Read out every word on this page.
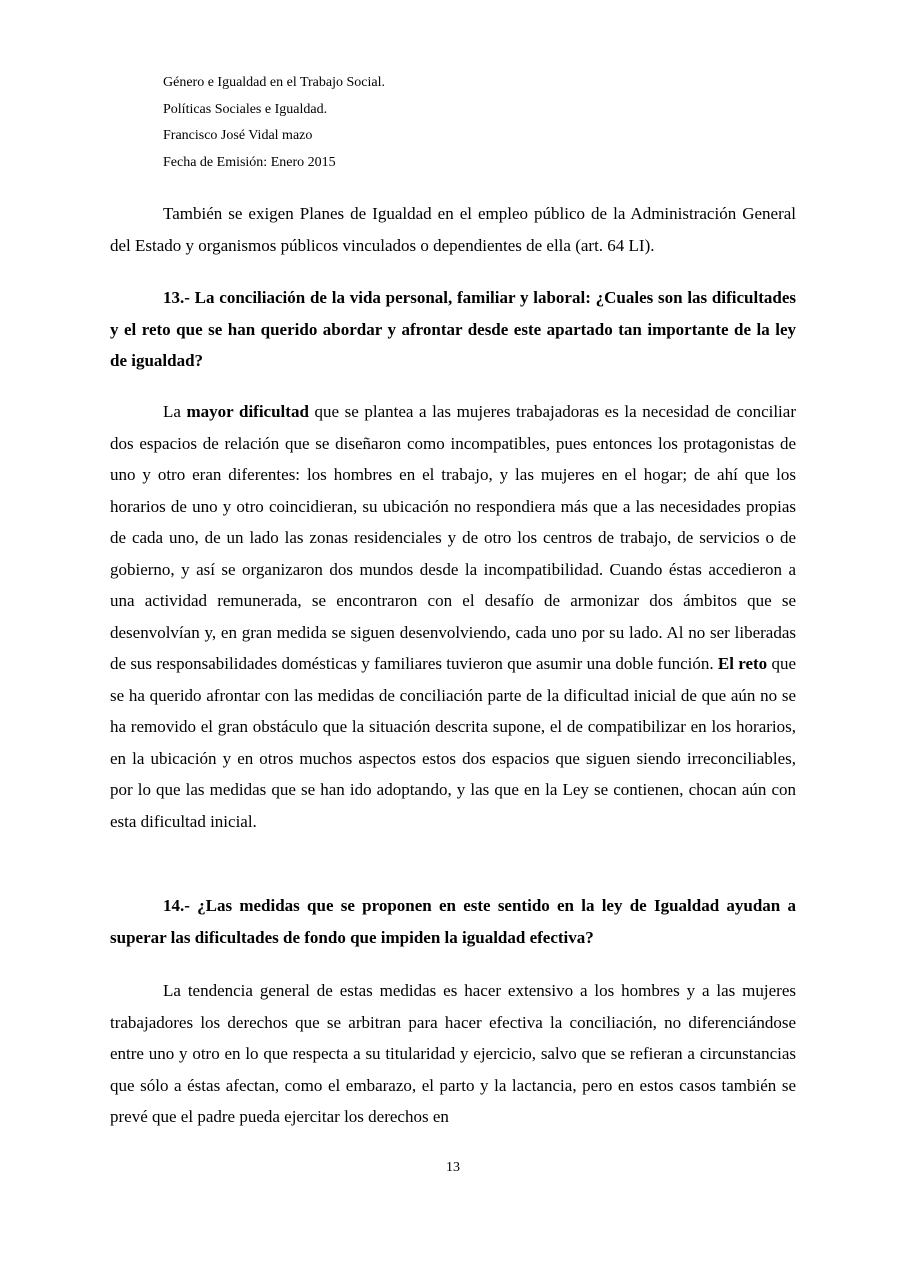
Género e Igualdad en el Trabajo Social.
Políticas Sociales e Igualdad.
Francisco José Vidal mazo
Fecha de Emisión: Enero 2015

También se exigen Planes de Igualdad en el empleo público de la Administración General del Estado y organismos públicos vinculados o dependientes de ella (art. 64 LI).

13.- La conciliación de la vida personal, familiar y laboral: ¿Cuales son las dificultades y el reto que se han querido abordar y afrontar desde este apartado tan importante de la ley de igualdad?

La mayor dificultad que se plantea a las mujeres trabajadoras es la necesidad de conciliar dos espacios de relación que se diseñaron como incompatibles, pues entonces los protagonistas de uno y otro eran diferentes: los hombres en el trabajo, y las mujeres en el hogar; de ahí que los horarios de uno y otro coincidieran, su ubicación no respondiera más que a las necesidades propias de cada uno, de un lado las zonas residenciales y de otro los centros de trabajo, de servicios o de gobierno, y así se organizaron dos mundos desde la incompatibilidad. Cuando éstas accedieron a una actividad remunerada, se encontraron con el desafío de armonizar dos ámbitos que se desenvolvían y, en gran medida se siguen desenvolviendo, cada uno por su lado. Al no ser liberadas de sus responsabilidades domésticas y familiares tuvieron que asumir una doble función. El reto que se ha querido afrontar con las medidas de conciliación parte de la dificultad inicial de que aún no se ha removido el gran obstáculo que la situación descrita supone, el de compatibilizar en los horarios, en la ubicación y en otros muchos aspectos estos dos espacios que siguen siendo irreconciliables, por lo que las medidas que se han ido adoptando, y las que en la Ley se contienen, chocan aún con esta dificultad inicial.

14.- ¿Las medidas que se proponen en este sentido en la ley de Igualdad ayudan a superar las dificultades de fondo que impiden la igualdad efectiva?

La tendencia general de estas medidas es hacer extensivo a los hombres y a las mujeres trabajadores los derechos que se arbitran para hacer efectiva la conciliación, no diferenciándose entre uno y otro en lo que respecta a su titularidad y ejercicio, salvo que se refieran a circunstancias que sólo a éstas afectan, como el embarazo, el parto y la lactancia, pero en estos casos también se prevé que el padre pueda ejercitar los derechos en

13
